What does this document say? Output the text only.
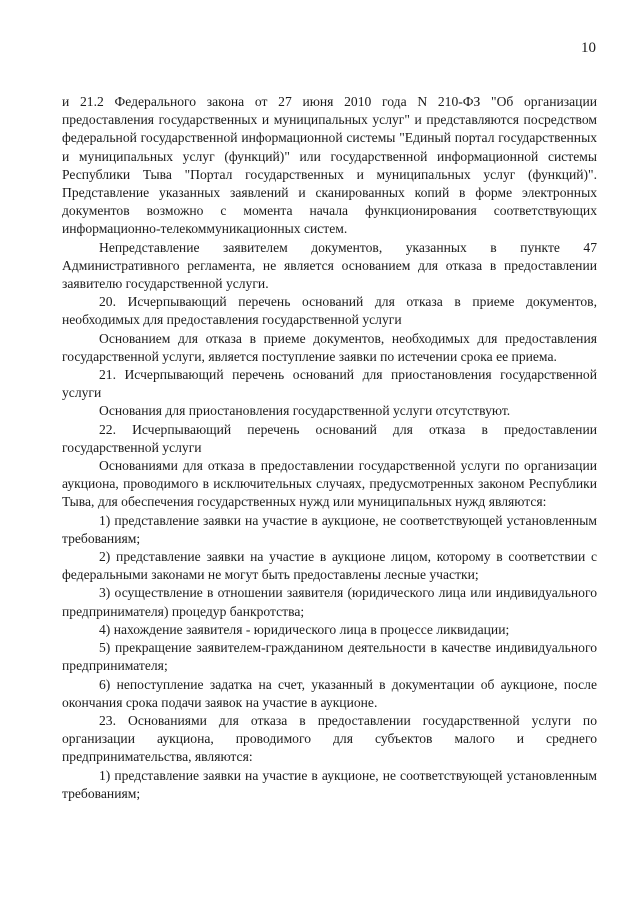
10

и 21.2 Федерального закона от 27 июня 2010 года N 210-ФЗ "Об организации предоставления государственных и муниципальных услуг" и представляются посредством федеральной государственной информационной системы "Единый портал государственных и муниципальных услуг (функций)" или государственной информационной системы Республики Тыва "Портал государственных и муниципальных услуг (функций)". Представление указанных заявлений и сканированных копий в форме электронных документов возможно с момента начала функционирования соответствующих информационно-телекоммуникационных систем.

Непредставление заявителем документов, указанных в пункте 47 Административного регламента, не является основанием для отказа в предоставлении заявителю государственной услуги.

20. Исчерпывающий перечень оснований для отказа в приеме документов, необходимых для предоставления государственной услуги

Основанием для отказа в приеме документов, необходимых для предоставления государственной услуги, является поступление заявки по истечении срока ее приема.

21. Исчерпывающий перечень оснований для приостановления государственной услуги

Основания для приостановления государственной услуги отсутствуют.

22. Исчерпывающий перечень оснований для отказа в предоставлении государственной услуги

Основаниями для отказа в предоставлении государственной услуги по организации аукциона, проводимого в исключительных случаях, предусмотренных законом Республики Тыва, для обеспечения государственных нужд или муниципальных нужд являются:

1) представление заявки на участие в аукционе, не соответствующей установленным требованиям;

2) представление заявки на участие в аукционе лицом, которому в соответствии с федеральными законами не могут быть предоставлены лесные участки;

3) осуществление в отношении заявителя (юридического лица или индивидуального предпринимателя) процедур банкротства;

4) нахождение заявителя - юридического лица в процессе ликвидации;

5) прекращение заявителем-гражданином деятельности в качестве индивидуального предпринимателя;

6) непоступление задатка на счет, указанный в документации об аукционе, после окончания срока подачи заявок на участие в аукционе.

23. Основаниями для отказа в предоставлении государственной услуги по организации аукциона, проводимого для субъектов малого и среднего предпринимательства, являются:

1) представление заявки на участие в аукционе, не соответствующей установленным требованиям;
